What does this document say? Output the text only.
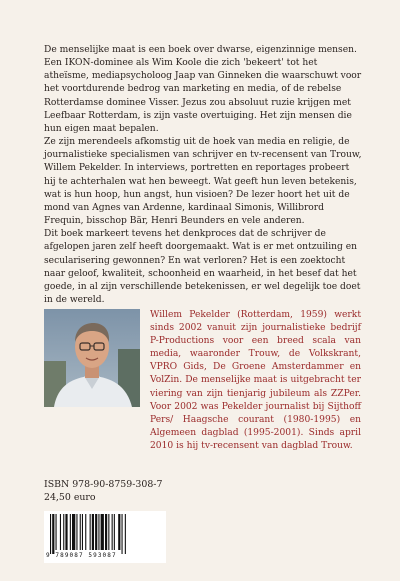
De menselijke maat is een boek over dwarse, eigenzinnige mensen. Een IKON-dominee als Wim Koole die zich 'bekeert' tot het atheïsme, mediapsycholoog Jaap van Ginneken die waarschuwt voor het voortdurende bedrog van marketing en media, of de rebelse Rotterdamse dominee Visser. Jezus zou absoluut ruzie krijgen met Leefbaar Rotterdam, is zijn vaste overtuiging. Het zijn mensen die hun eigen maat bepalen.

Ze zijn merendeels afkomstig uit de hoek van media en religie, de journalistieke specialismen van schrijver en tv-recensent van Trouw, Willem Pekelder. In interviews, portretten en reportages probeert hij te achterhalen wat hen beweegt. Wat geeft hun leven betekenis, wat is hun hoop, hun angst, hun visioen? De lezer hoort het uit de mond van Agnes van Ardenne, kardinaal Simonis, Willibrord Frequin, bisschop Bär, Henri Beunders en vele anderen.

Dit boek markeert tevens het denkproces dat de schrijver de afgelopen jaren zelf heeft doorgemaakt. Wat is er met ontzuiling en secularisering gewonnen? En wat verloren? Het is een zoektocht naar geloof, kwaliteit, schoonheid en waarheid, in het besef dat het goede, in al zijn verschillende betekenissen, er wel degelijk toe doet in de wereld.

Willem Pekelder (Rotterdam, 1959) werkt sinds 2002 vanuit zijn journalistieke bedrijf P-Productions voor een breed scala van media, waaronder Trouw, de Volkskrant, VPRO Gids, De Groene Amsterdammer en VolZin. De menselijke maat is uitgebracht ter viering van zijn tienjarig jubileum als ZZPer. Voor 2002 was Pekelder journalist bij Sijthoff Pers/ Haagsche courant (1980-1995) en Algemeen dagblad (1995-2001). Sinds april 2010 is hij tv-recensent van dagblad Trouw.
ISBN 978-90-8759-308-7
24,50 euro
9 789087 593087
